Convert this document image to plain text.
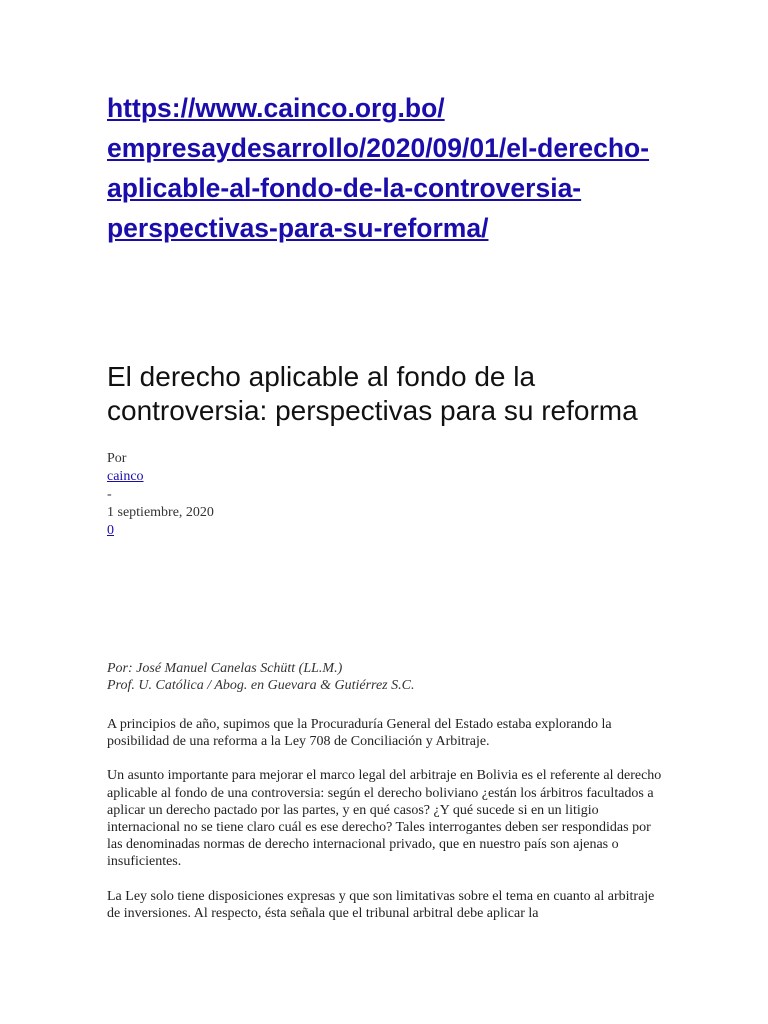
https://www.cainco.org.bo/
empresaydesarrollo/2020/09/01/el-derecho-
aplicable-al-fondo-de-la-controversia-
perspectivas-para-su-reforma/
El derecho aplicable al fondo de la controversia: perspectivas para su reforma
Por
cainco
-
1 septiembre, 2020
0
Por: José Manuel Canelas Schütt (LL.M.)
Prof. U. Católica / Abog. en Guevara & Gutiérrez S.C.

A principios de año, supimos que la Procuraduría General del Estado estaba explorando la posibilidad de una reforma a la Ley 708 de Conciliación y Arbitraje.

Un asunto importante para mejorar el marco legal del arbitraje en Bolivia es el referente al derecho aplicable al fondo de una controversia: según el derecho boliviano ¿están los árbitros facultados a aplicar un derecho pactado por las partes, y en qué casos? ¿Y qué sucede si en un litigio internacional no se tiene claro cuál es ese derecho? Tales interrogantes deben ser respondidas por las denominadas normas de derecho internacional privado, que en nuestro país son ajenas o insuficientes.

La Ley solo tiene disposiciones expresas y que son limitativas sobre el tema en cuanto al arbitraje de inversiones. Al respecto, ésta señala que el tribunal arbitral debe aplicar la
